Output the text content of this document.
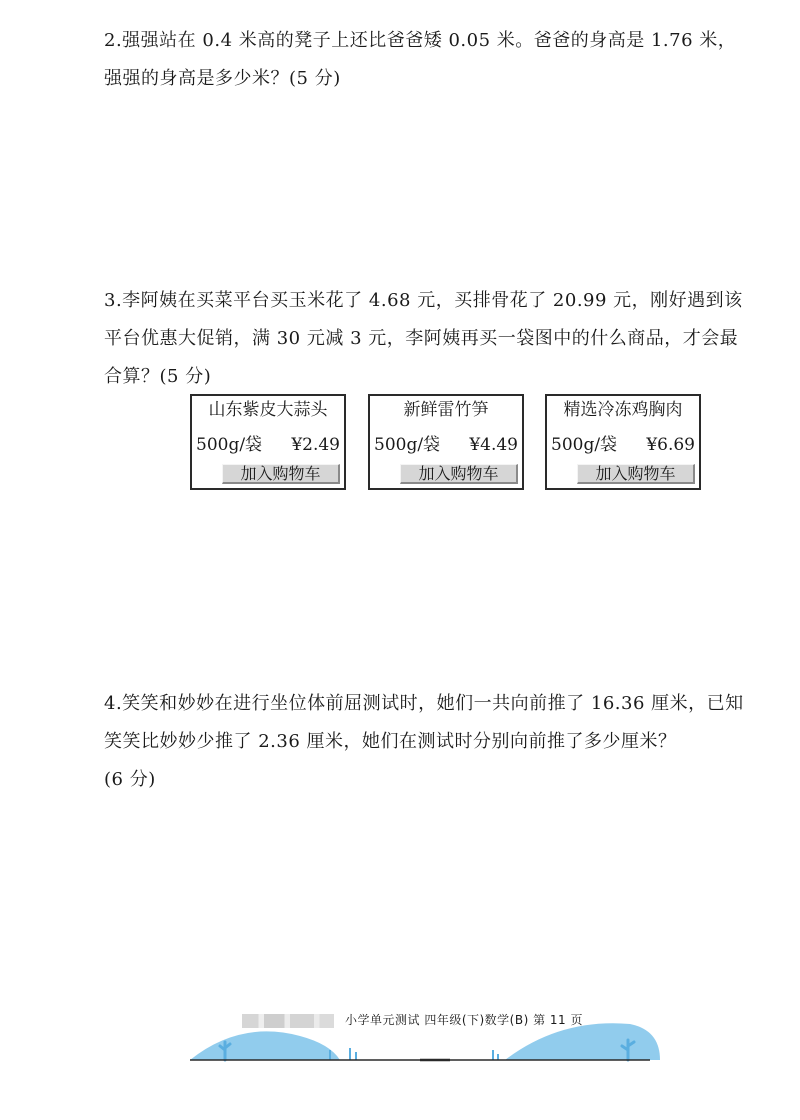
2.强强站在 0.4 米高的凳子上还比爸爸矮 0.05 米。爸爸的身高是 1.76 米，
强强的身高是多少米？(5 分)
3.李阿姨在买菜平台买玉米花了 4.68 元，买排骨花了 20.99 元，刚好遇到该
平台优惠大促销，满 30 元减 3 元，李阿姨再买一袋图中的什么商品，才会最
合算？(5 分)
山东紫皮大蒜头
500g/袋 ¥2.49
加入购物车
新鲜雷竹笋
500g/袋 ¥4.49
加入购物车
精选冷冻鸡胸肉
500g/袋 ¥6.69
加入购物车
4.笑笑和妙妙在进行坐位体前屈测试时，她们一共向前推了 16.36 厘米，已知
笑笑比妙妙少推了 2.36 厘米，她们在测试时分别向前推了多少厘米？
(6 分)
小学单元测试 四年级(下)数学(B) 第 11 页
